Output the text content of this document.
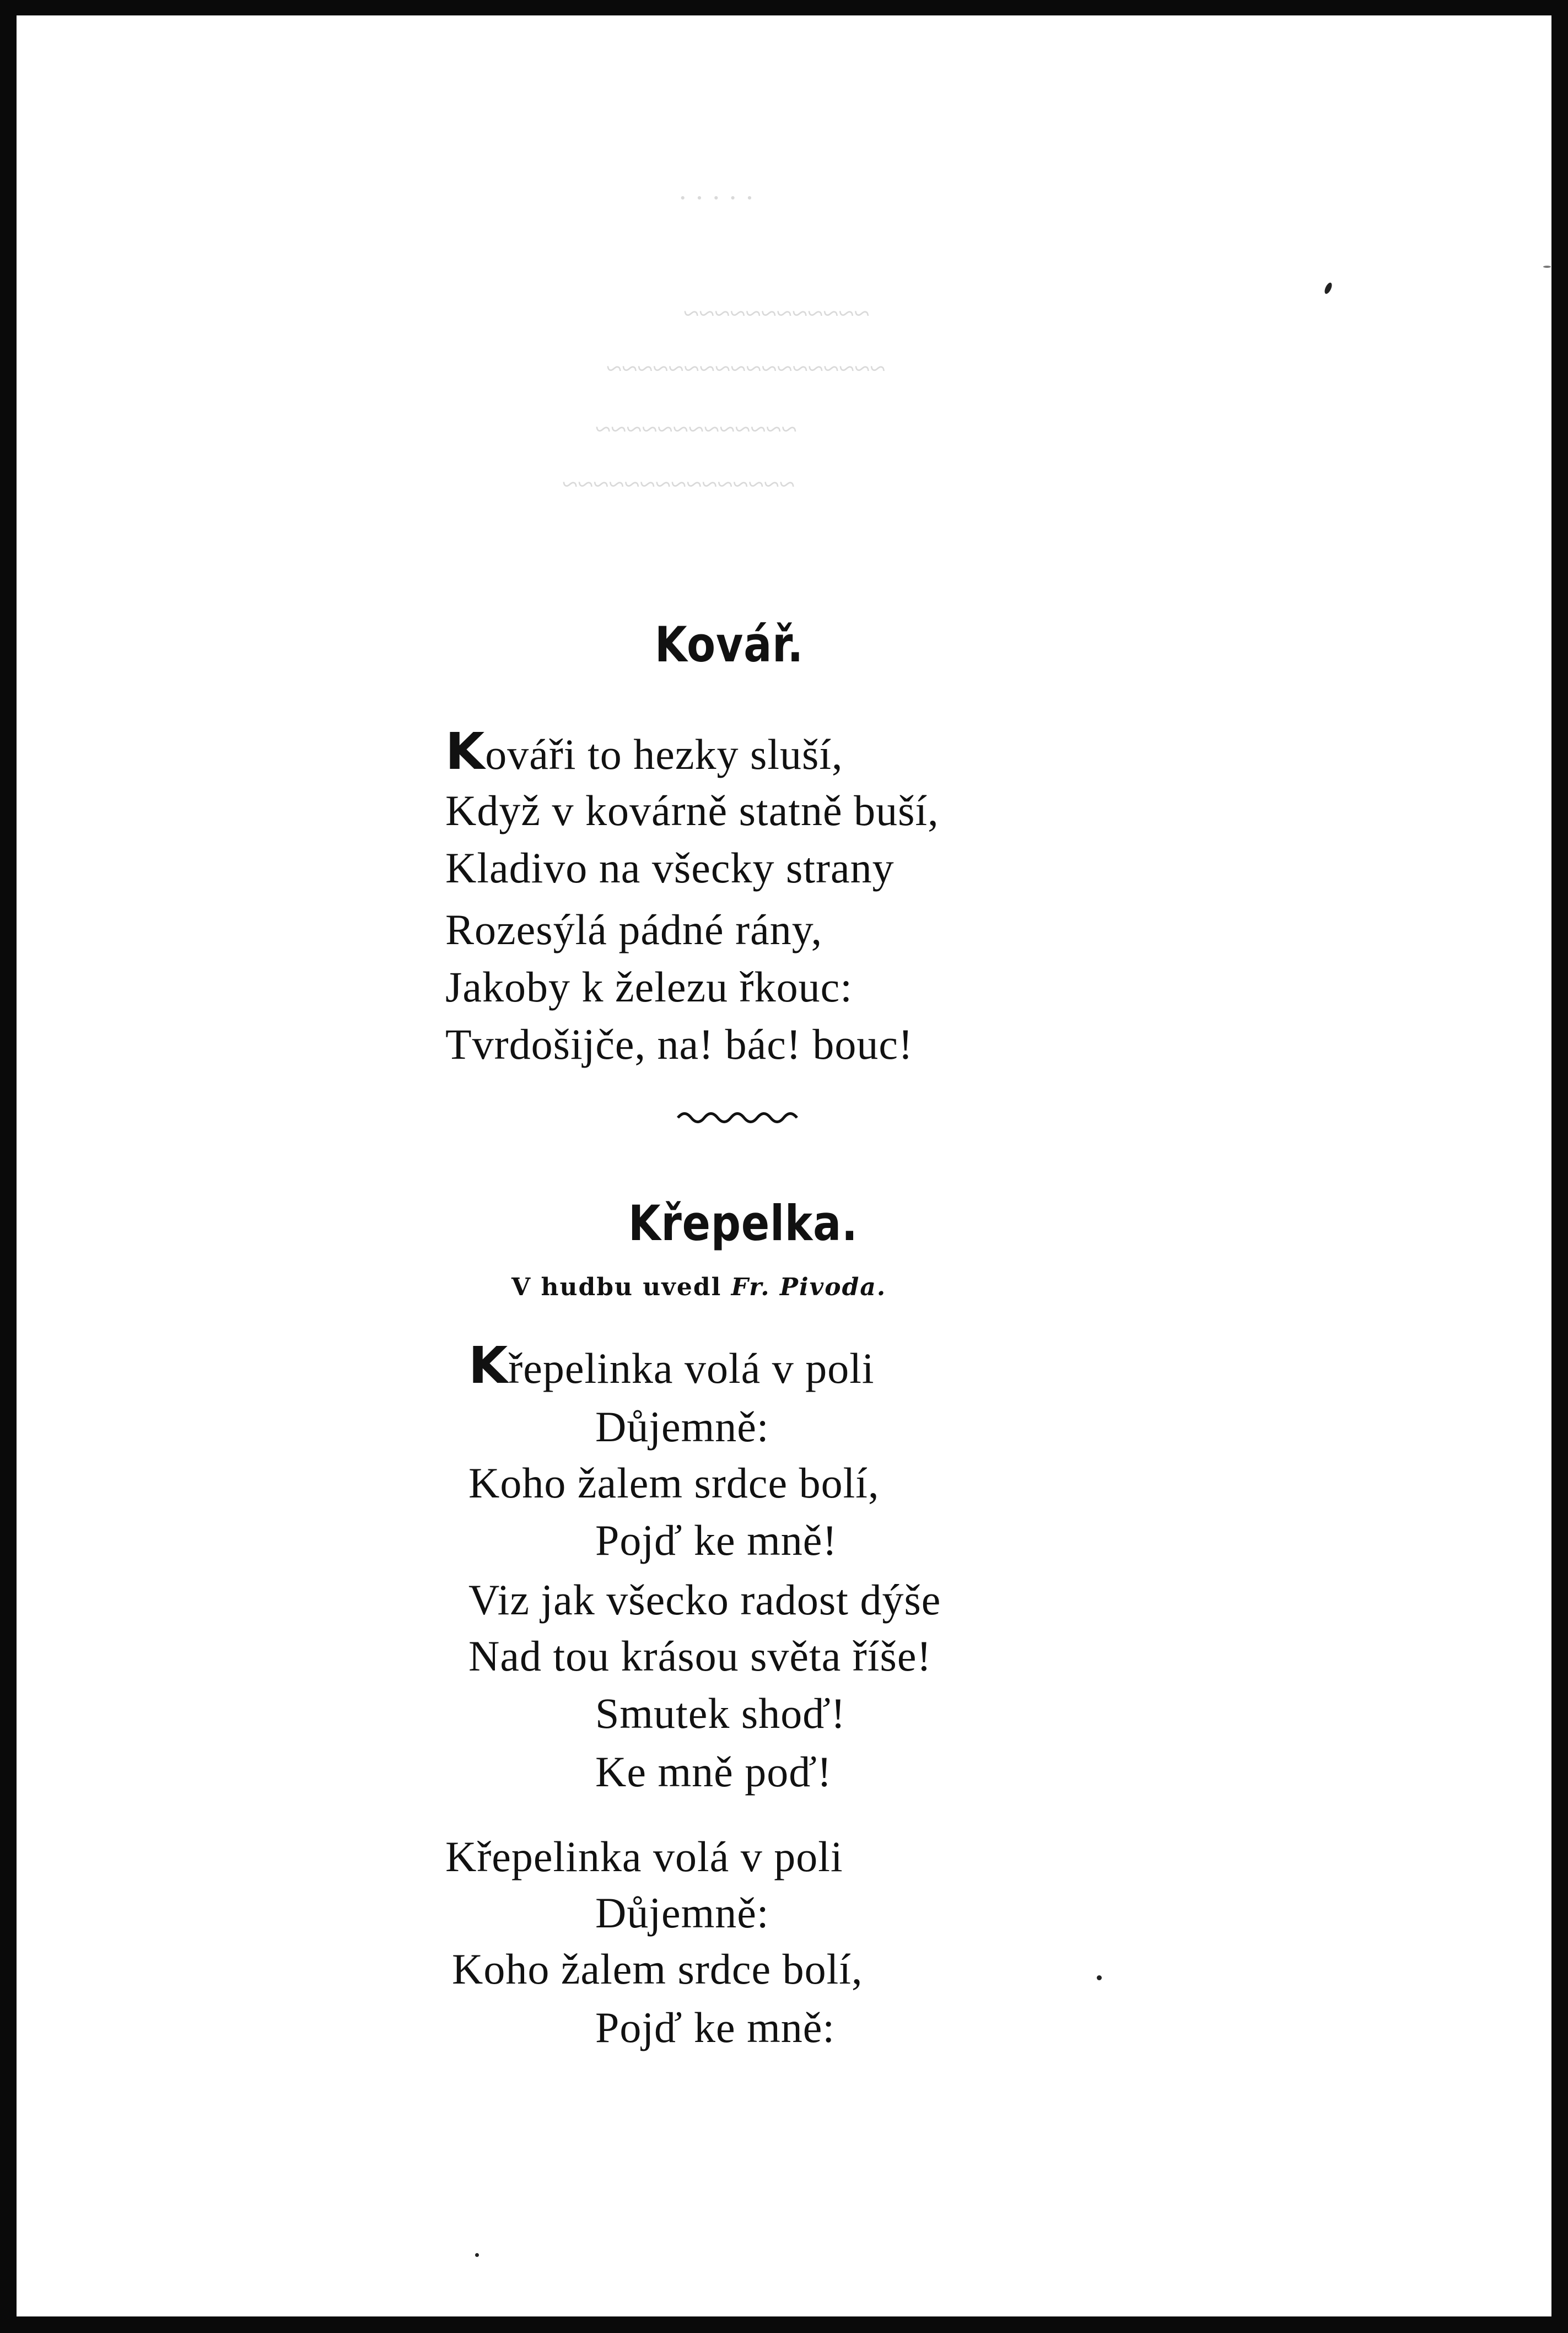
· · · · ·
~~~~~~~~~~~~
~~~~~~~~~~~~~~~~~~
~~~~~~~~~~~~~
~~~~~~~~~~~~~~~
Kovář.
Kováři to hezky sluší,
Když v kovárně statně buší,
Kladivo na všecky strany
Rozesýlá pádné rány,
Jakoby k železu řkouc:
Tvrdošijče, na! bác! bouc!
Křepelka.
V hudbu uvedl Fr. Pivoda.
Křepelinka volá v poli
Důjemně:
Koho žalem srdce bolí,
Pojď ke mně!
Viz jak všecko radost dýše
Nad tou krásou světa říše!
Smutek shoď!
Ke mně poď!
Křepelinka volá v poli
Důjemně:
Koho žalem srdce bolí,
Pojď ke mně:
